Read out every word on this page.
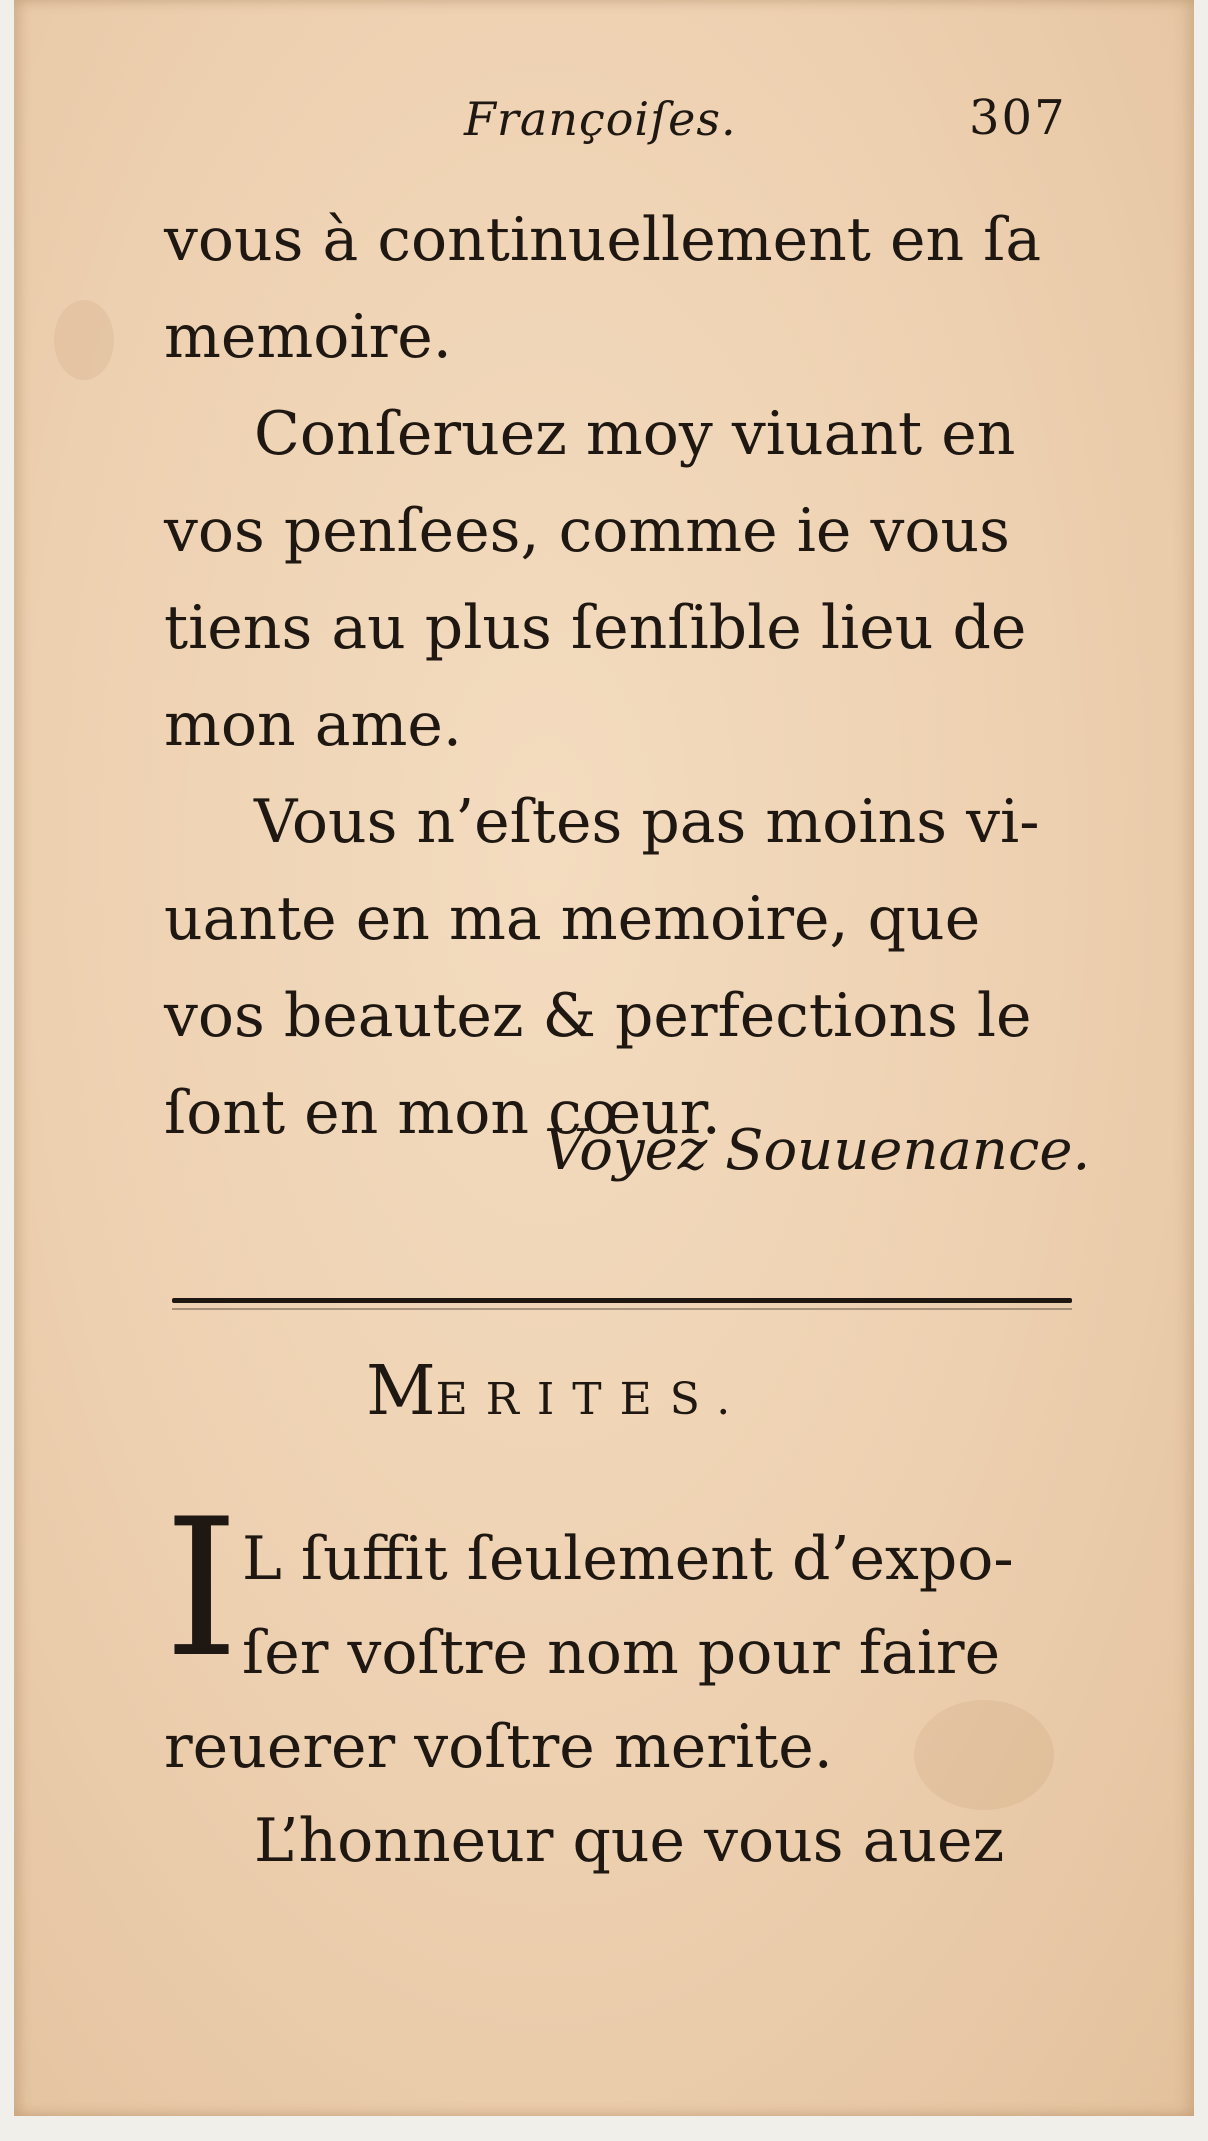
Françoiſes.	307
vous à continuellement en ſa
memoire.
Conſeruez moy viuant en
vos penſees, comme ie vous
tiens au plus ſenſible lieu de
mon ame.
Vous n’eſtes pas moins vi-
uante en ma memoire, que
vos beautez & perfections le
ſont en mon cœur.
Voyez Souuenance.
MERITES.
I L ſuffit ſeulement d’expo-
ſer voſtre nom pour faire
reuerer voſtre merite.
L’honneur que vous auez
